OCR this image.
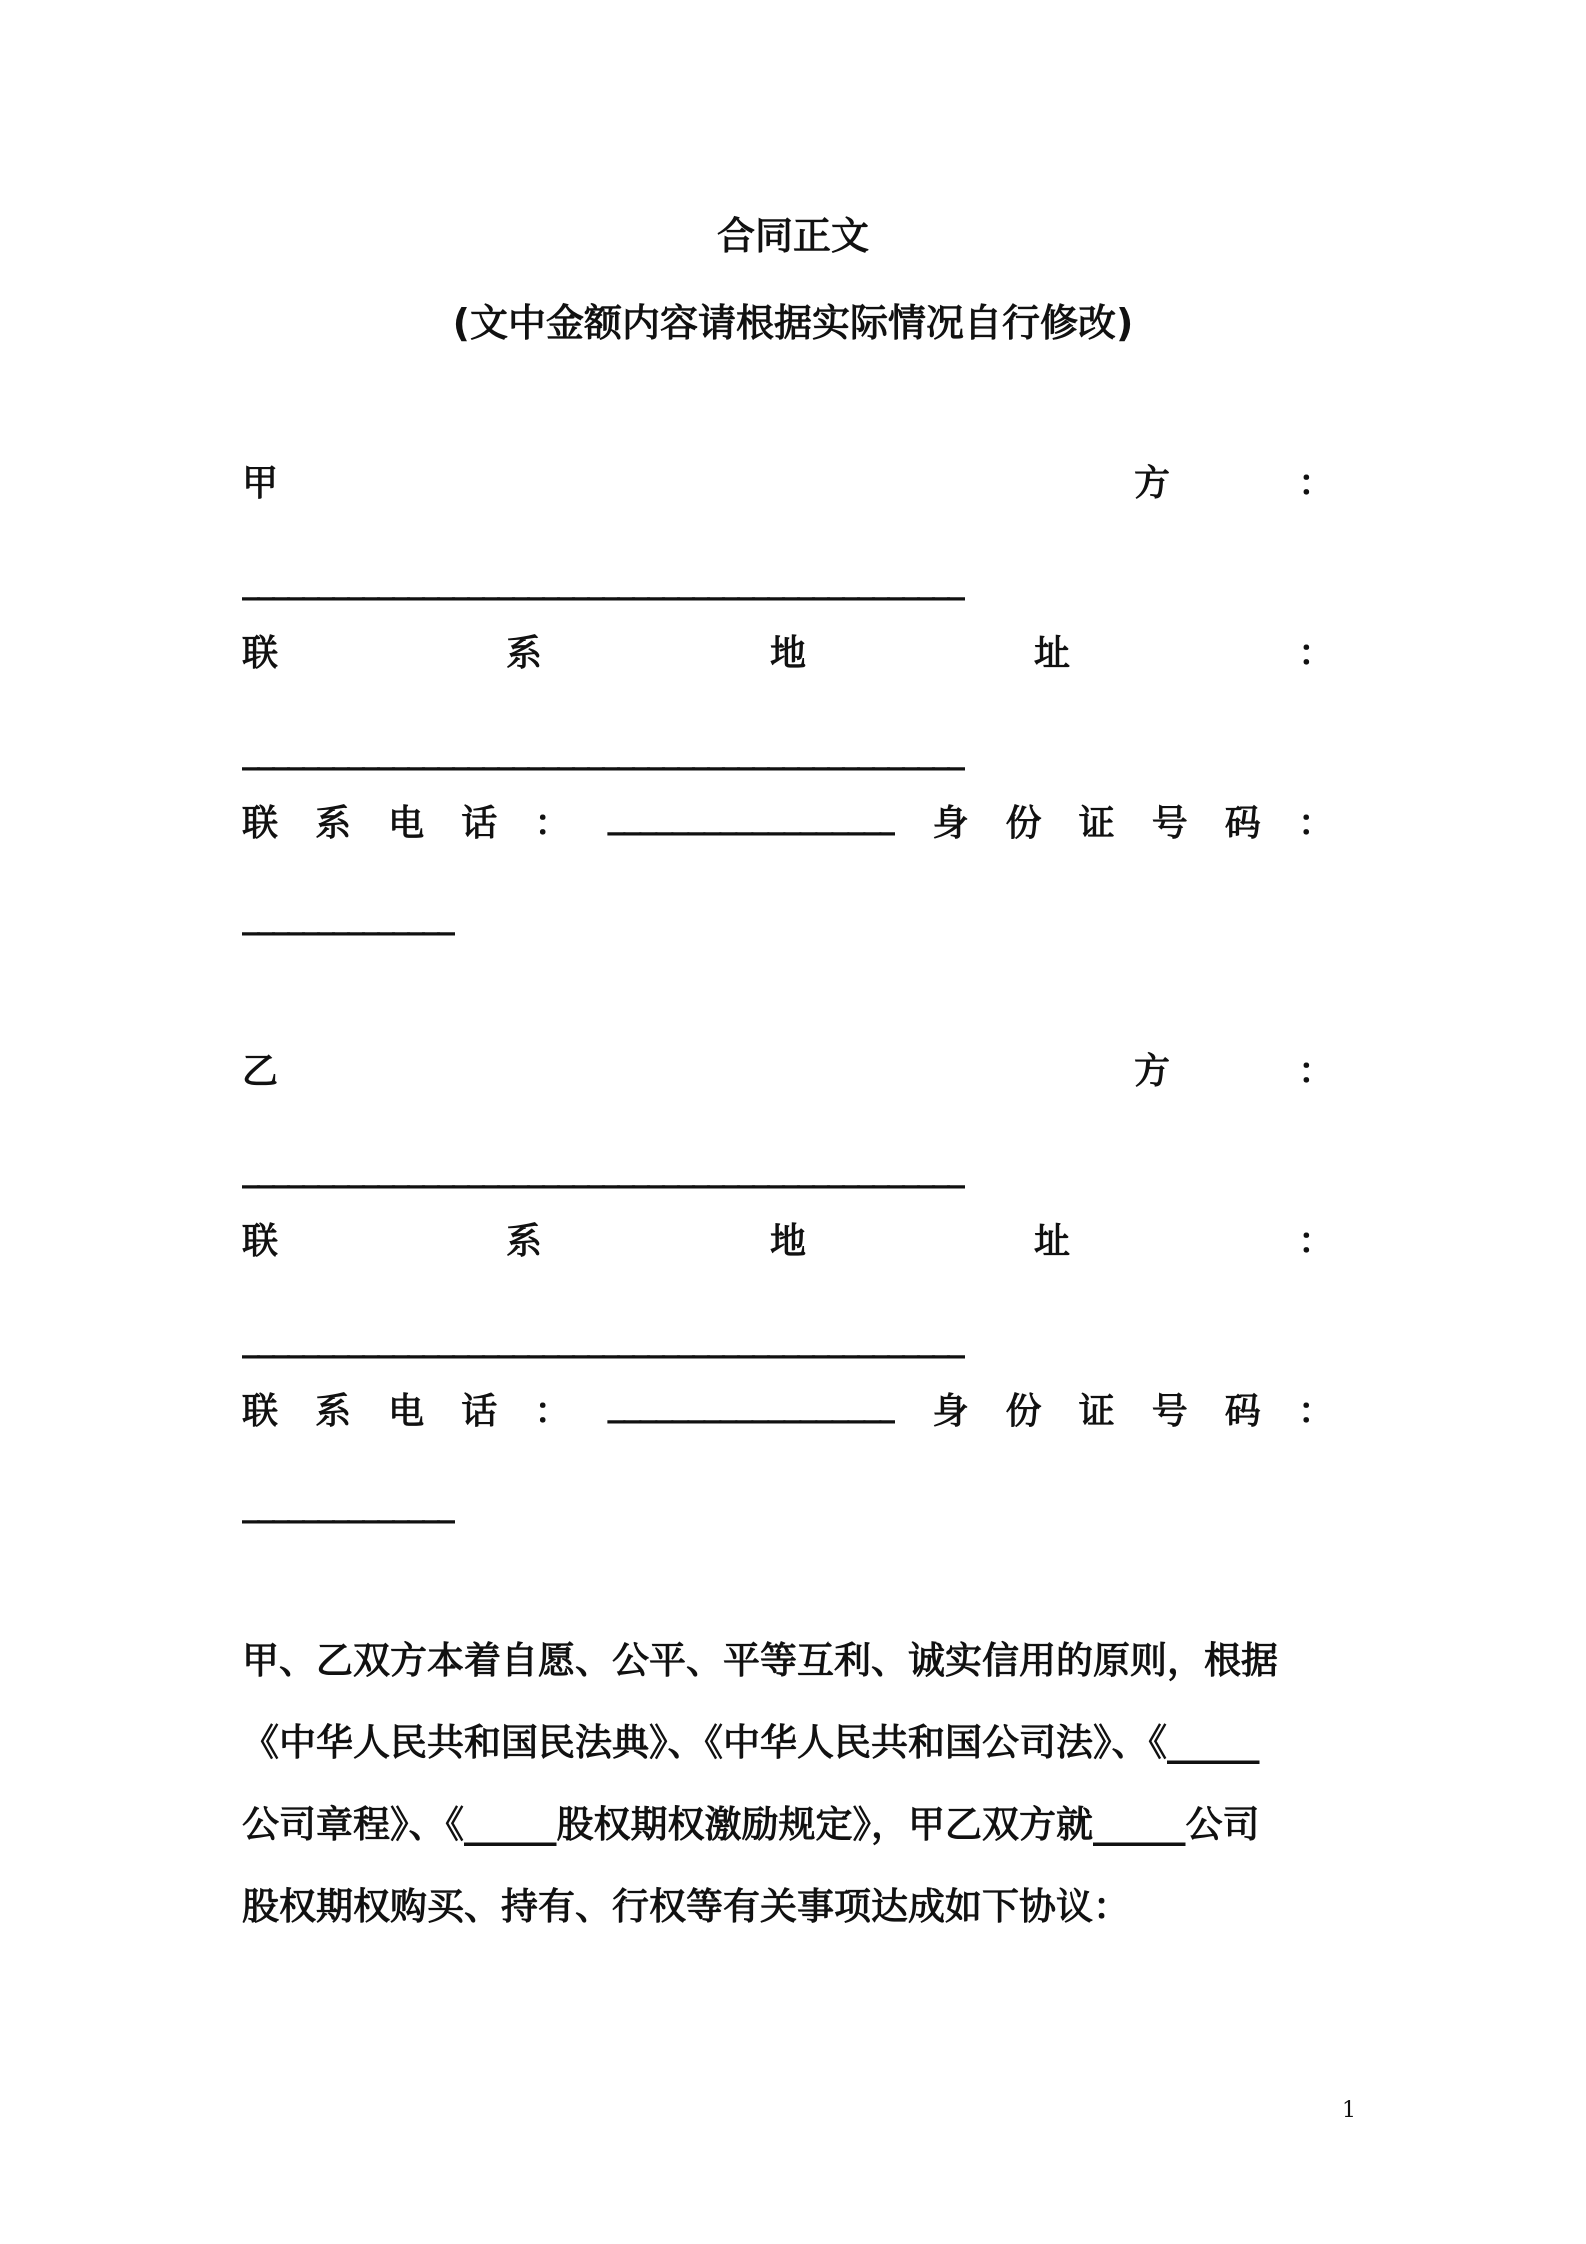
合同正文
(文中金额内容请根据实际情况自行修改)
甲	方	：
________________________________________________
联	系	地	址	：
________________________________________________
联 系 电 话 ： __________________ 身 份 证 号 码 ：
______________
乙	方	：
________________________________________________
联	系	地	址	：
________________________________________________
联 系 电 话 ： __________________ 身 份 证 号 码 ：
______________
甲、乙双方本着自愿、公平、平等互利、诚实信用的原则，根据
《中华人民共和国民法典》、《中华人民共和国公司法》、《_____
公司章程》、《_____股权期权激励规定》，甲乙双方就_____公司
股权期权购买、持有、行权等有关事项达成如下协议：
1
